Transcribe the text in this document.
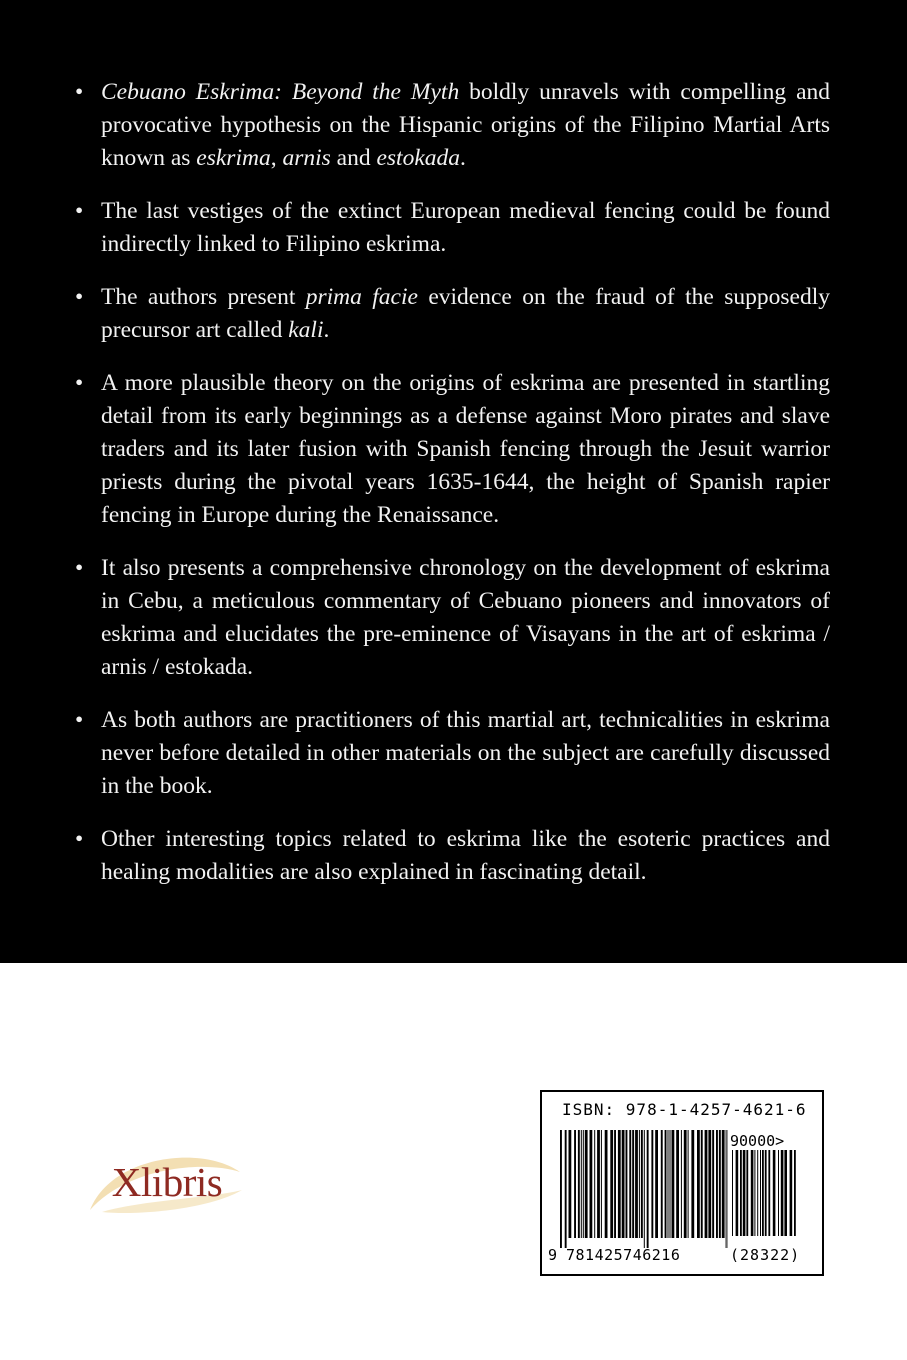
• Cebuano Eskrima: Beyond the Myth boldly unravels with compelling and provocative hypothesis on the Hispanic origins of the Filipino Martial Arts known as eskrima, arnis and estokada.
• The last vestiges of the extinct European medieval fencing could be found indirectly linked to Filipino eskrima.
• The authors present prima facie evidence on the fraud of the supposedly precursor art called kali.
• A more plausible theory on the origins of eskrima are presented in startling detail from its early beginnings as a defense against Moro pirates and slave traders and its later fusion with Spanish fencing through the Jesuit warrior priests during the pivotal years 1635-1644, the height of Spanish rapier fencing in Europe during the Renaissance.
• It also presents a comprehensive chronology on the development of eskrima in Cebu, a meticulous commentary of Cebuano pioneers and innovators of eskrima and elucidates the pre-eminence of Visayans in the art of eskrima / arnis / estokada.
• As both authors are practitioners of this martial art, technicalities in eskrima never before detailed in other materials on the subject are carefully discussed in the book.
• Other interesting topics related to eskrima like the esoteric practices and healing modalities are also explained in fascinating detail.
Xlibris
ISBN: 978-1-4257-4621-6
90000>
9 781425746216	(28322)
